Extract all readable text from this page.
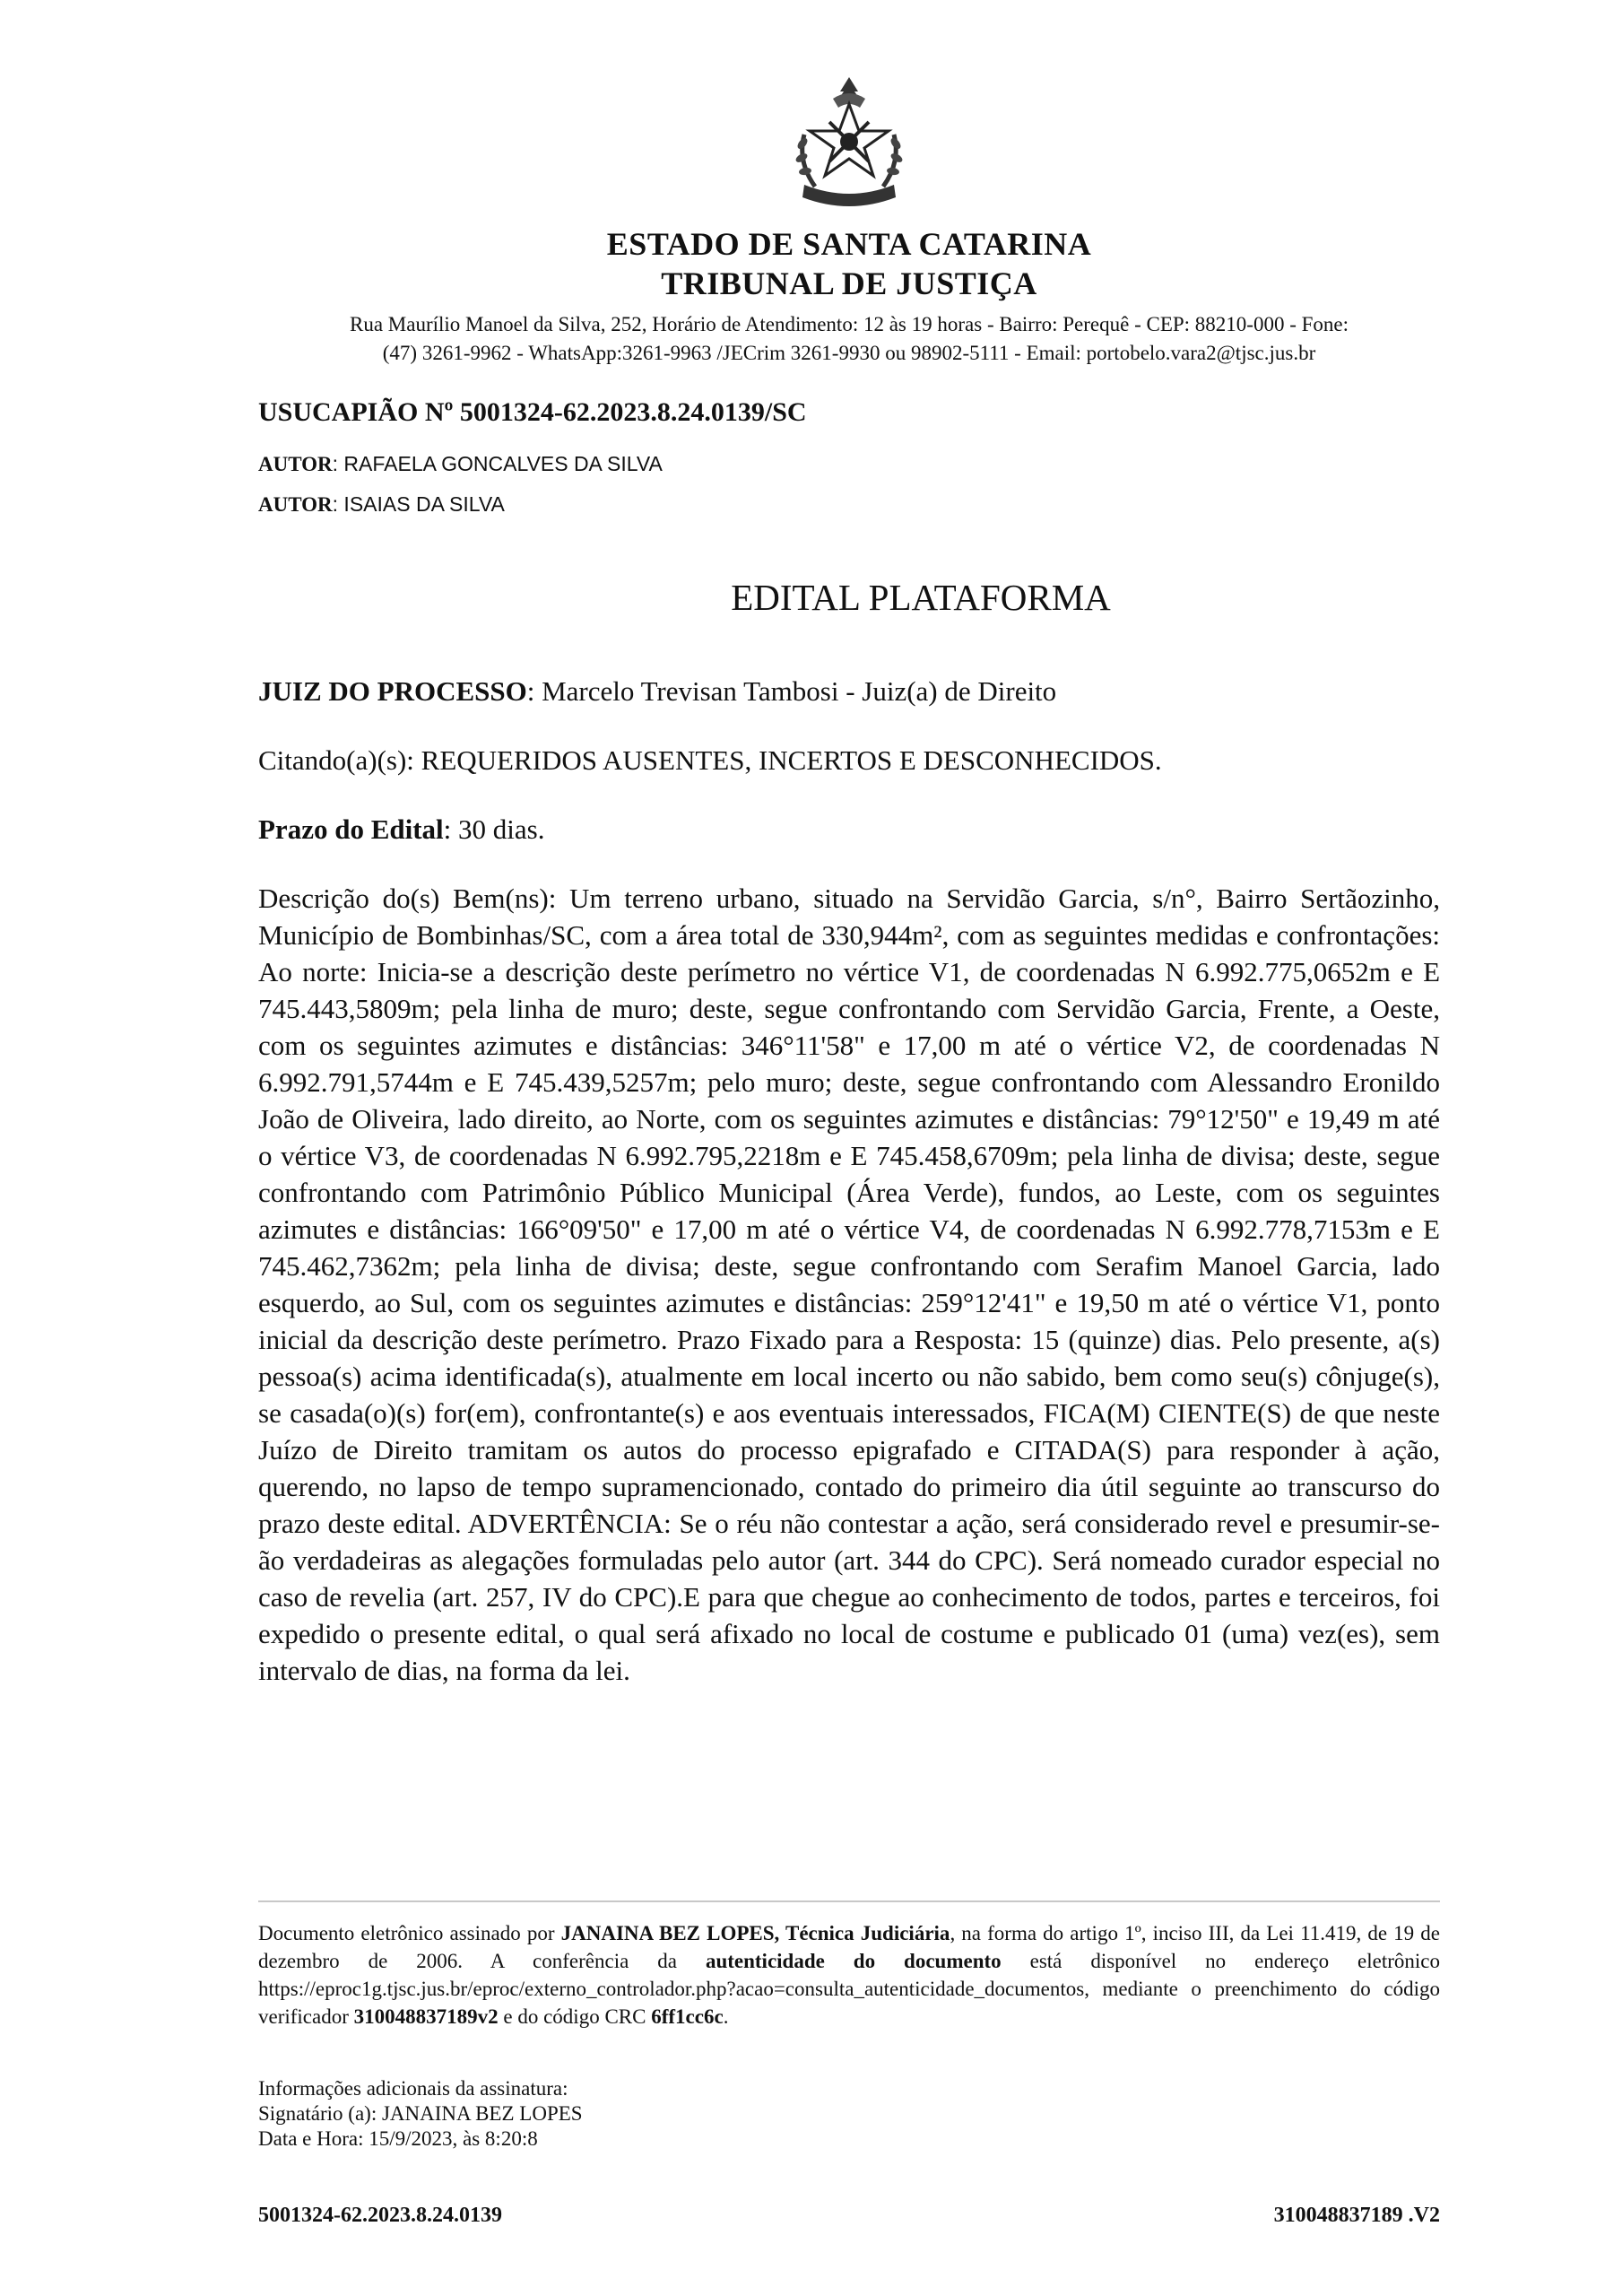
ESTADO DE SANTA CATARINA
TRIBUNAL DE JUSTIÇA
Rua Maurílio Manoel da Silva, 252, Horário de Atendimento: 12 às 19 horas - Bairro: Perequê - CEP: 88210-000 - Fone:
(47) 3261-9962 - WhatsApp:3261-9963 /JECrim 3261-9930 ou 98902-5111 - Email: portobelo.vara2@tjsc.jus.br
USUCAPIÃO Nº 5001324-62.2023.8.24.0139/SC
AUTOR: RAFAELA GONCALVES DA SILVA
AUTOR: ISAIAS DA SILVA
EDITAL PLATAFORMA

JUIZ DO PROCESSO: Marcelo Trevisan Tambosi - Juiz(a) de Direito

Citando(a)(s): REQUERIDOS AUSENTES, INCERTOS E DESCONHECIDOS.

Prazo do Edital: 30 dias.

Descrição do(s) Bem(ns): Um terreno urbano, situado na Servidão Garcia, s/n°, Bairro Sertãozinho, Município de Bombinhas/SC, com a área total de 330,944m², com as seguintes medidas e confrontações: Ao norte: Inicia-se a descrição deste perímetro no vértice V1, de coordenadas N 6.992.775,0652m e E 745.443,5809m; pela linha de muro; deste, segue confrontando com Servidão Garcia, Frente, a Oeste, com os seguintes azimutes e distâncias: 346°11'58" e 17,00 m até o vértice V2, de coordenadas N 6.992.791,5744m e E 745.439,5257m; pelo muro; deste, segue confrontando com Alessandro Eronildo João de Oliveira, lado direito, ao Norte, com os seguintes azimutes e distâncias: 79°12'50" e 19,49 m até o vértice V3, de coordenadas N 6.992.795,2218m e E 745.458,6709m; pela linha de divisa; deste, segue confrontando com Patrimônio Público Municipal (Área Verde), fundos, ao Leste, com os seguintes azimutes e distâncias: 166°09'50" e 17,00 m até o vértice V4, de coordenadas N 6.992.778,7153m e E 745.462,7362m; pela linha de divisa; deste, segue confrontando com Serafim Manoel Garcia, lado esquerdo, ao Sul, com os seguintes azimutes e distâncias: 259°12'41" e 19,50 m até o vértice V1, ponto inicial da descrição deste perímetro. Prazo Fixado para a Resposta: 15 (quinze) dias. Pelo presente, a(s) pessoa(s) acima identificada(s), atualmente em local incerto ou não sabido, bem como seu(s) cônjuge(s), se casada(o)(s) for(em), confrontante(s) e aos eventuais interessados, FICA(M) CIENTE(S) de que neste Juízo de Direito tramitam os autos do processo epigrafado e CITADA(S) para responder à ação, querendo, no lapso de tempo supramencionado, contado do primeiro dia útil seguinte ao transcurso do prazo deste edital. ADVERTÊNCIA: Se o réu não contestar a ação, será considerado revel e presumir-se-ão verdadeiras as alegações formuladas pelo autor (art. 344 do CPC). Será nomeado curador especial no caso de revelia (art. 257, IV do CPC).E para que chegue ao conhecimento de todos, partes e terceiros, foi expedido o presente edital, o qual será afixado no local de costume e publicado 01 (uma) vez(es), sem intervalo de dias, na forma da lei.

Documento eletrônico assinado por JANAINA BEZ LOPES, Técnica Judiciária, na forma do artigo 1º, inciso III, da Lei 11.419, de 19 de dezembro de 2006. A conferência da autenticidade do documento está disponível no endereço eletrônico https://eproc1g.tjsc.jus.br/eproc/externo_controlador.php?acao=consulta_autenticidade_documentos, mediante o preenchimento do código verificador 310048837189v2 e do código CRC 6ff1cc6c.
Informações adicionais da assinatura:
Signatário (a): JANAINA BEZ LOPES
Data e Hora: 15/9/2023, às 8:20:8
5001324-62.2023.8.24.0139	310048837189 .V2
